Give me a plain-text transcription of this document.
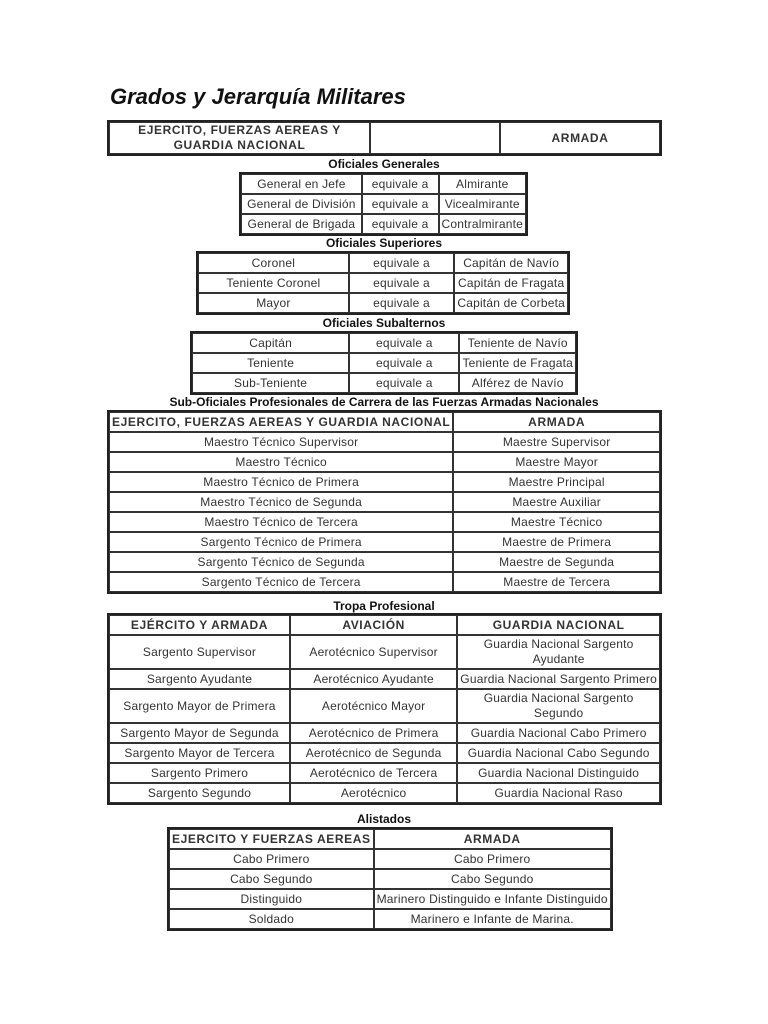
Grados y Jerarquía Militares
EJERCITO, FUERZAS AEREAS Y GUARDIA NACIONAL		ARMADA
Oficiales Generales
General en Jefe	equivale a	Almirante
General de División	equivale a	Vicealmirante
General de Brigada	equivale a	Contralmirante
Oficiales Superiores
Coronel	equivale a	Capitán de Navío
Teniente Coronel	equivale a	Capitán de Fragata
Mayor	equivale a	Capitán de Corbeta
Oficiales Subalternos
Capitán	equivale a	Teniente de Navío
Teniente	equivale a	Teniente de Fragata
Sub-Teniente	equivale a	Alférez de Navío
Sub-Oficiales Profesionales de Carrera de las Fuerzas Armadas Nacionales
EJERCITO, FUERZAS AEREAS Y GUARDIA NACIONAL	ARMADA
Maestro Técnico Supervisor	Maestre Supervisor
Maestro Técnico	Maestre Mayor
Maestro Técnico de Primera	Maestre Principal
Maestro Técnico de Segunda	Maestre Auxiliar
Maestro Técnico de Tercera	Maestre Técnico
Sargento Técnico de Primera	Maestre de Primera
Sargento Técnico de Segunda	Maestre de Segunda
Sargento Técnico de Tercera	Maestre de Tercera
Tropa Profesional
EJÉRCITO Y ARMADA	AVIACIÓN	GUARDIA NACIONAL
Sargento Supervisor	Aerotécnico Supervisor	Guardia Nacional Sargento Ayudante
Sargento Ayudante	Aerotécnico Ayudante	Guardia Nacional Sargento Primero
Sargento Mayor de Primera	Aerotécnico Mayor	Guardia Nacional Sargento Segundo
Sargento Mayor de Segunda	Aerotécnico de Primera	Guardia Nacional Cabo Primero
Sargento Mayor de Tercera	Aerotécnico de Segunda	Guardia Nacional Cabo Segundo
Sargento Primero	Aerotécnico de Tercera	Guardia Nacional Distinguido
Sargento Segundo	Aerotécnico	Guardia Nacional Raso
Alistados
EJERCITO Y FUERZAS AEREAS	ARMADA
Cabo Primero	Cabo Primero
Cabo Segundo	Cabo Segundo
Distinguido	Marinero Distinguido e Infante Distinguido
Soldado	Marinero e Infante de Marina.
